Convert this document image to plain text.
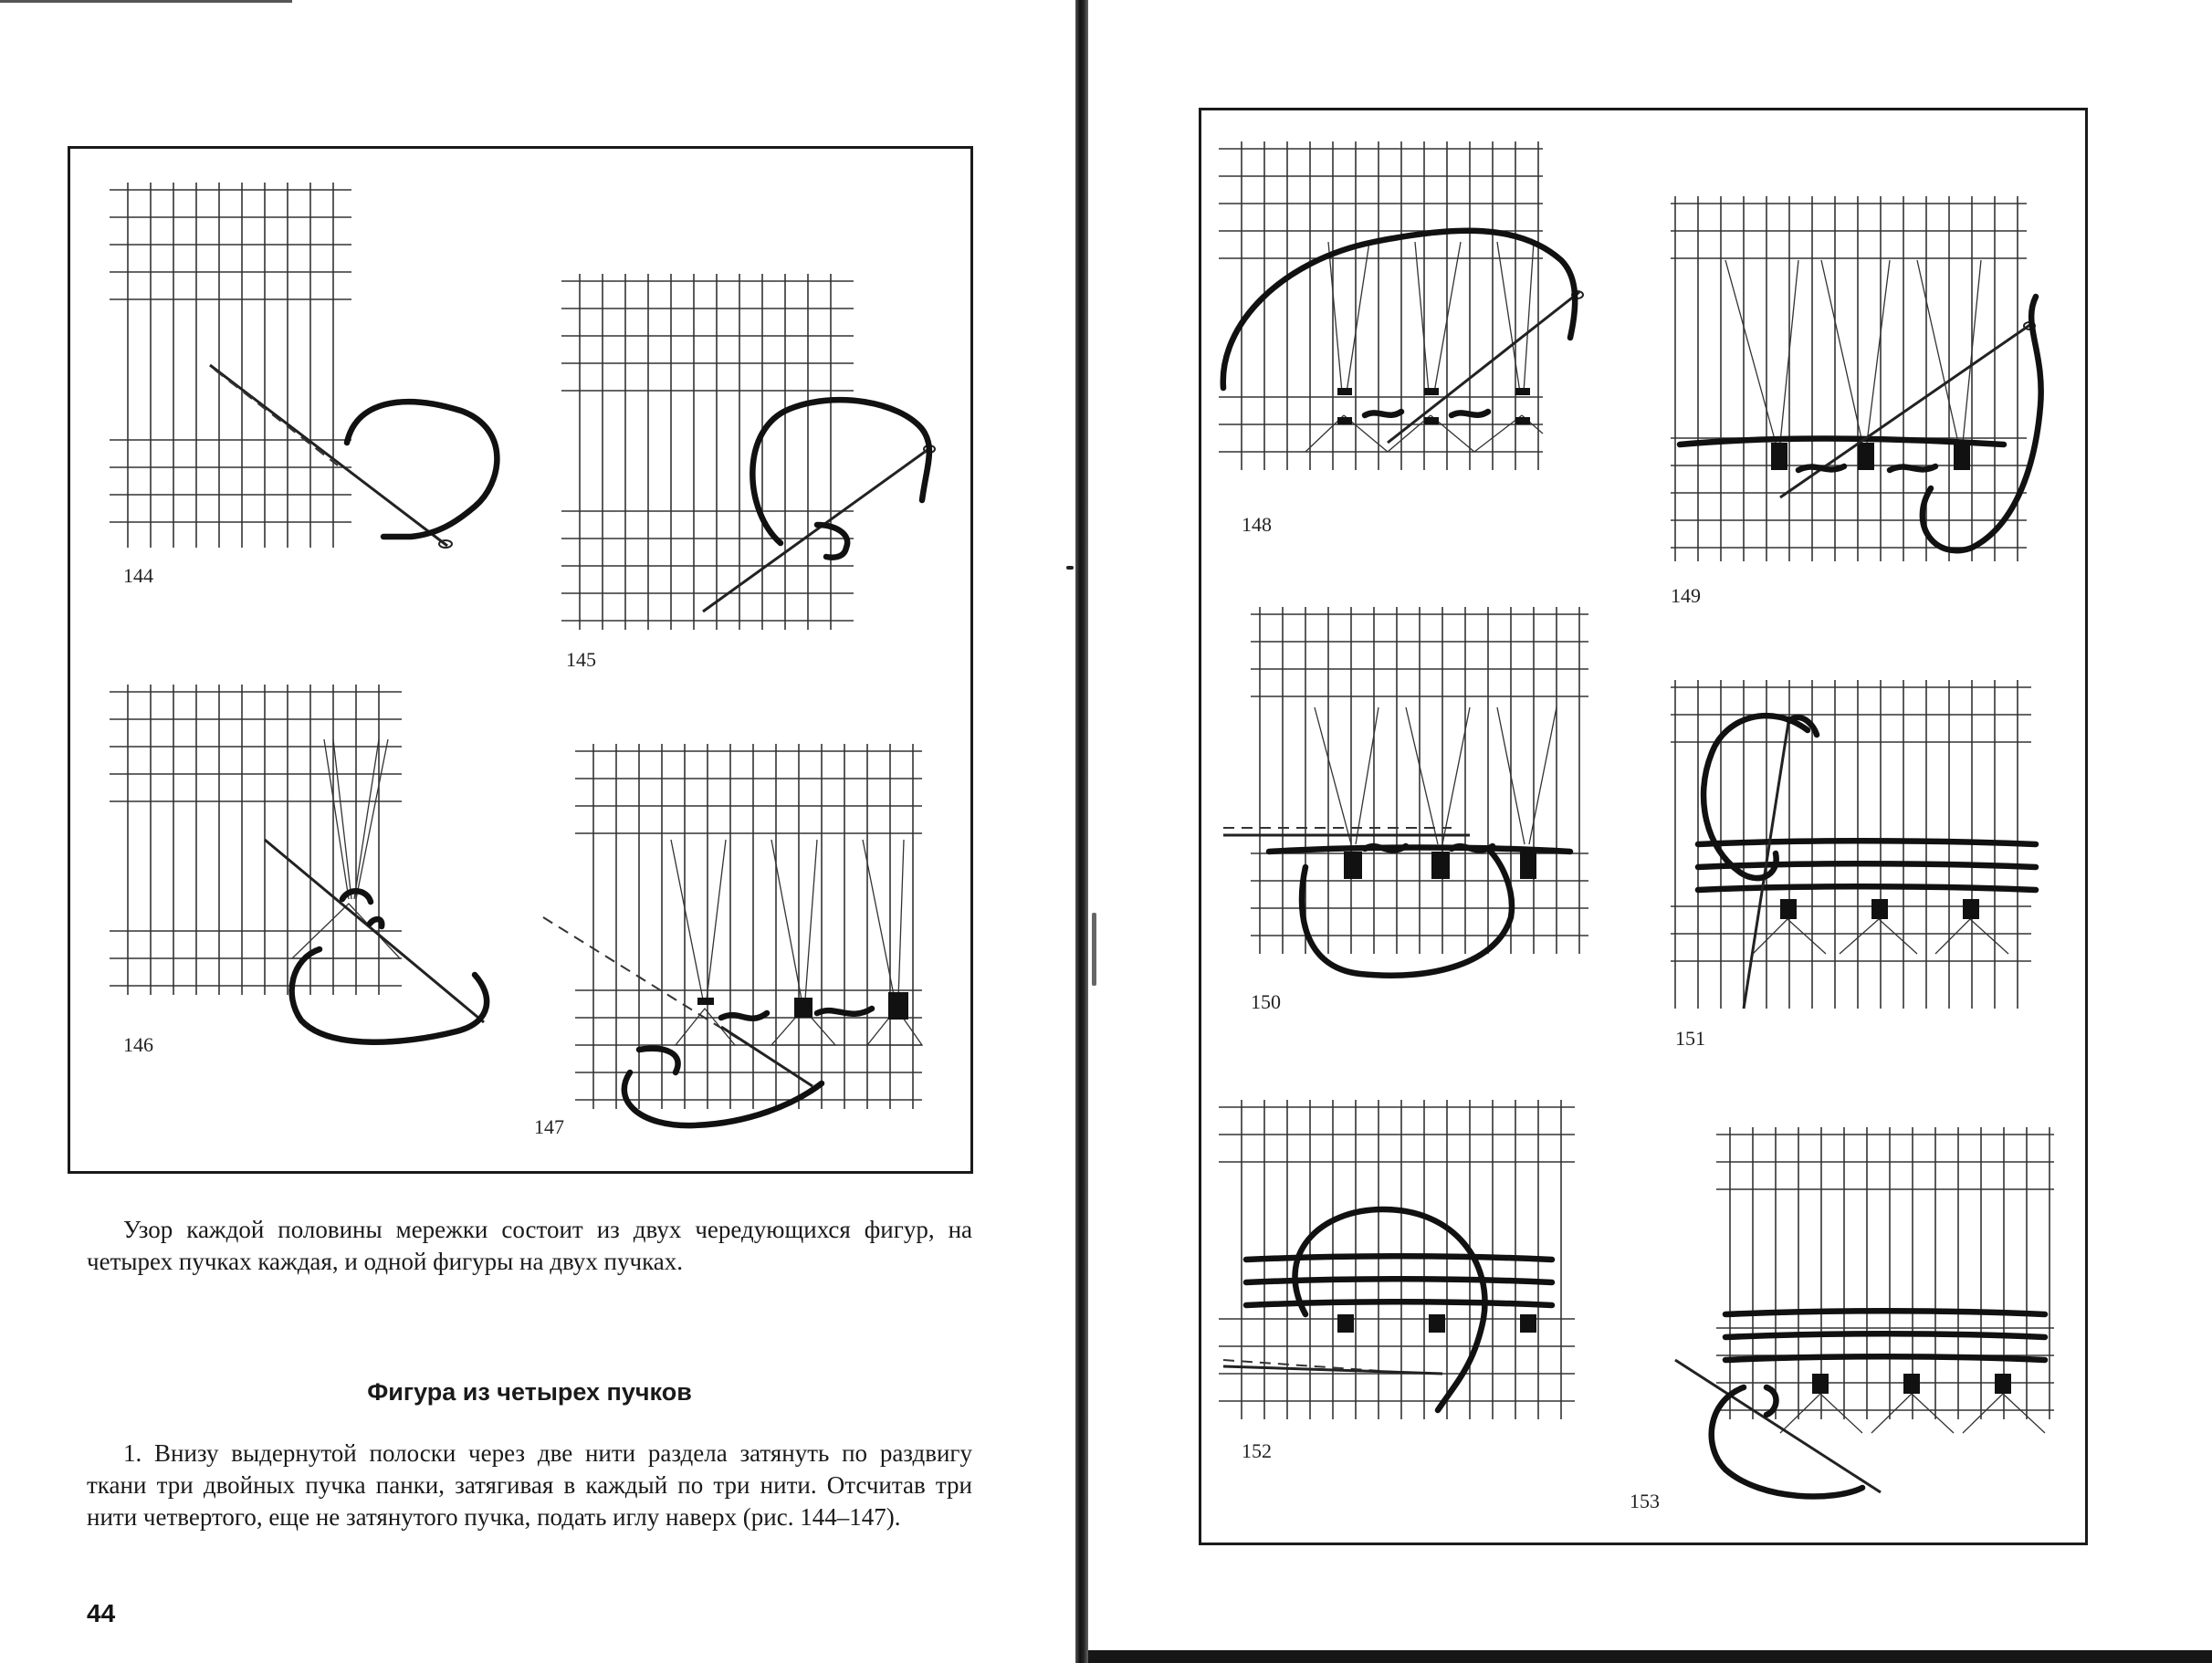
144
145
146
147
Узор каждой половины мережки состоит из двух чередующихся фигур, на четырех пучках каждая, и одной фигуры на двух пучках.
Фигура из четырех пучков
1. Внизу выдернутой полоски через две нити раздела затянуть по раздвигу ткани три двойных пучка панки, затягивая в каждый по три нити. Отсчитав три нити четвертого, еще не затянутого пучка, подать иглу наверх (рис. 144–147).
44
148
149
150
151
152
153
